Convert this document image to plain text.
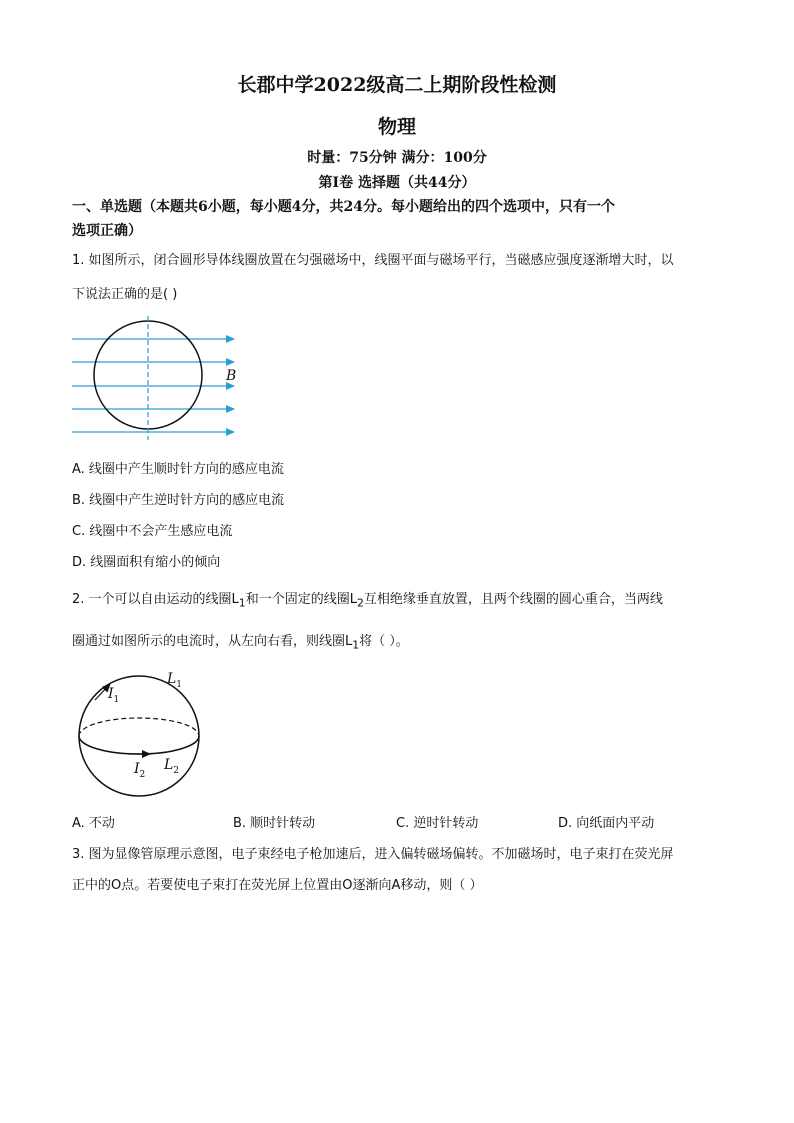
长郡中学2022级高二上期阶段性检测
物理
时量：75分钟 满分：100分
第Ⅰ卷 选择题（共44分）
一、单选题（本题共6小题，每小题4分，共24分。每小题给出的四个选项中，只有一个
选项正确）
1. 如图所示，闭合圆形导体线圈放置在匀强磁场中，线圈平面与磁场平行，当磁感应强度逐渐增大时，以
下说法正确的是( )
B
A. 线圈中产生顺时针方向的感应电流
B. 线圈中产生逆时针方向的感应电流
C. 线圈中不会产生感应电流
D. 线圈面积有缩小的倾向
2. 一个可以自由运动的线圈$L_1$和一个固定的线圈$L_2$互相绝缘垂直放置，且两个线圈的圆心重合，当两线
圈通过如图所示的电流时，从左向右看，则线圈$L_1$将（ ）。
$L_1$
$I_1$
$I_2$
$L_2$
A. 不动	B. 顺时针转动	C. 逆时针转动	D. 向纸面内平动
3. 图为显像管原理示意图，电子束经电子枪加速后，进入偏转磁场偏转。不加磁场时，电子束打在荧光屏
正中的O点。若要使电子束打在荧光屏上位置由O逐渐向A移动，则（ ）
